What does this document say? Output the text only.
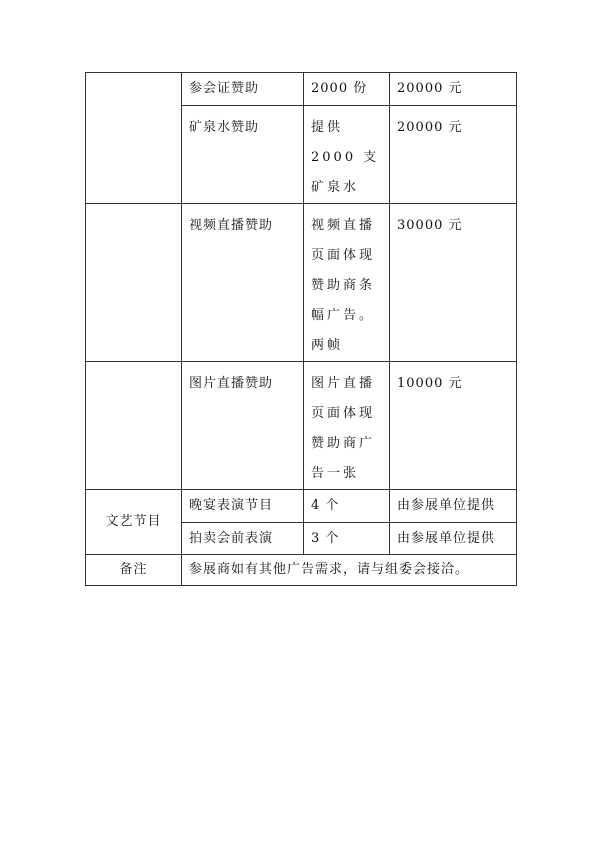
	参会证赞助	2000 份	20000 元
	矿泉水赞助	提供 2000 支矿泉水	20000 元
	视频直播赞助	视频直播页面体现赞助商条幅广告。两帧	30000 元
	图片直播赞助	图片直播页面体现赞助商广告一张	10000 元
文艺节目	晚宴表演节目	4 个	由参展单位提供
	拍卖会前表演	3 个	由参展单位提供
备注	参展商如有其他广告需求，请与组委会接洽。		
